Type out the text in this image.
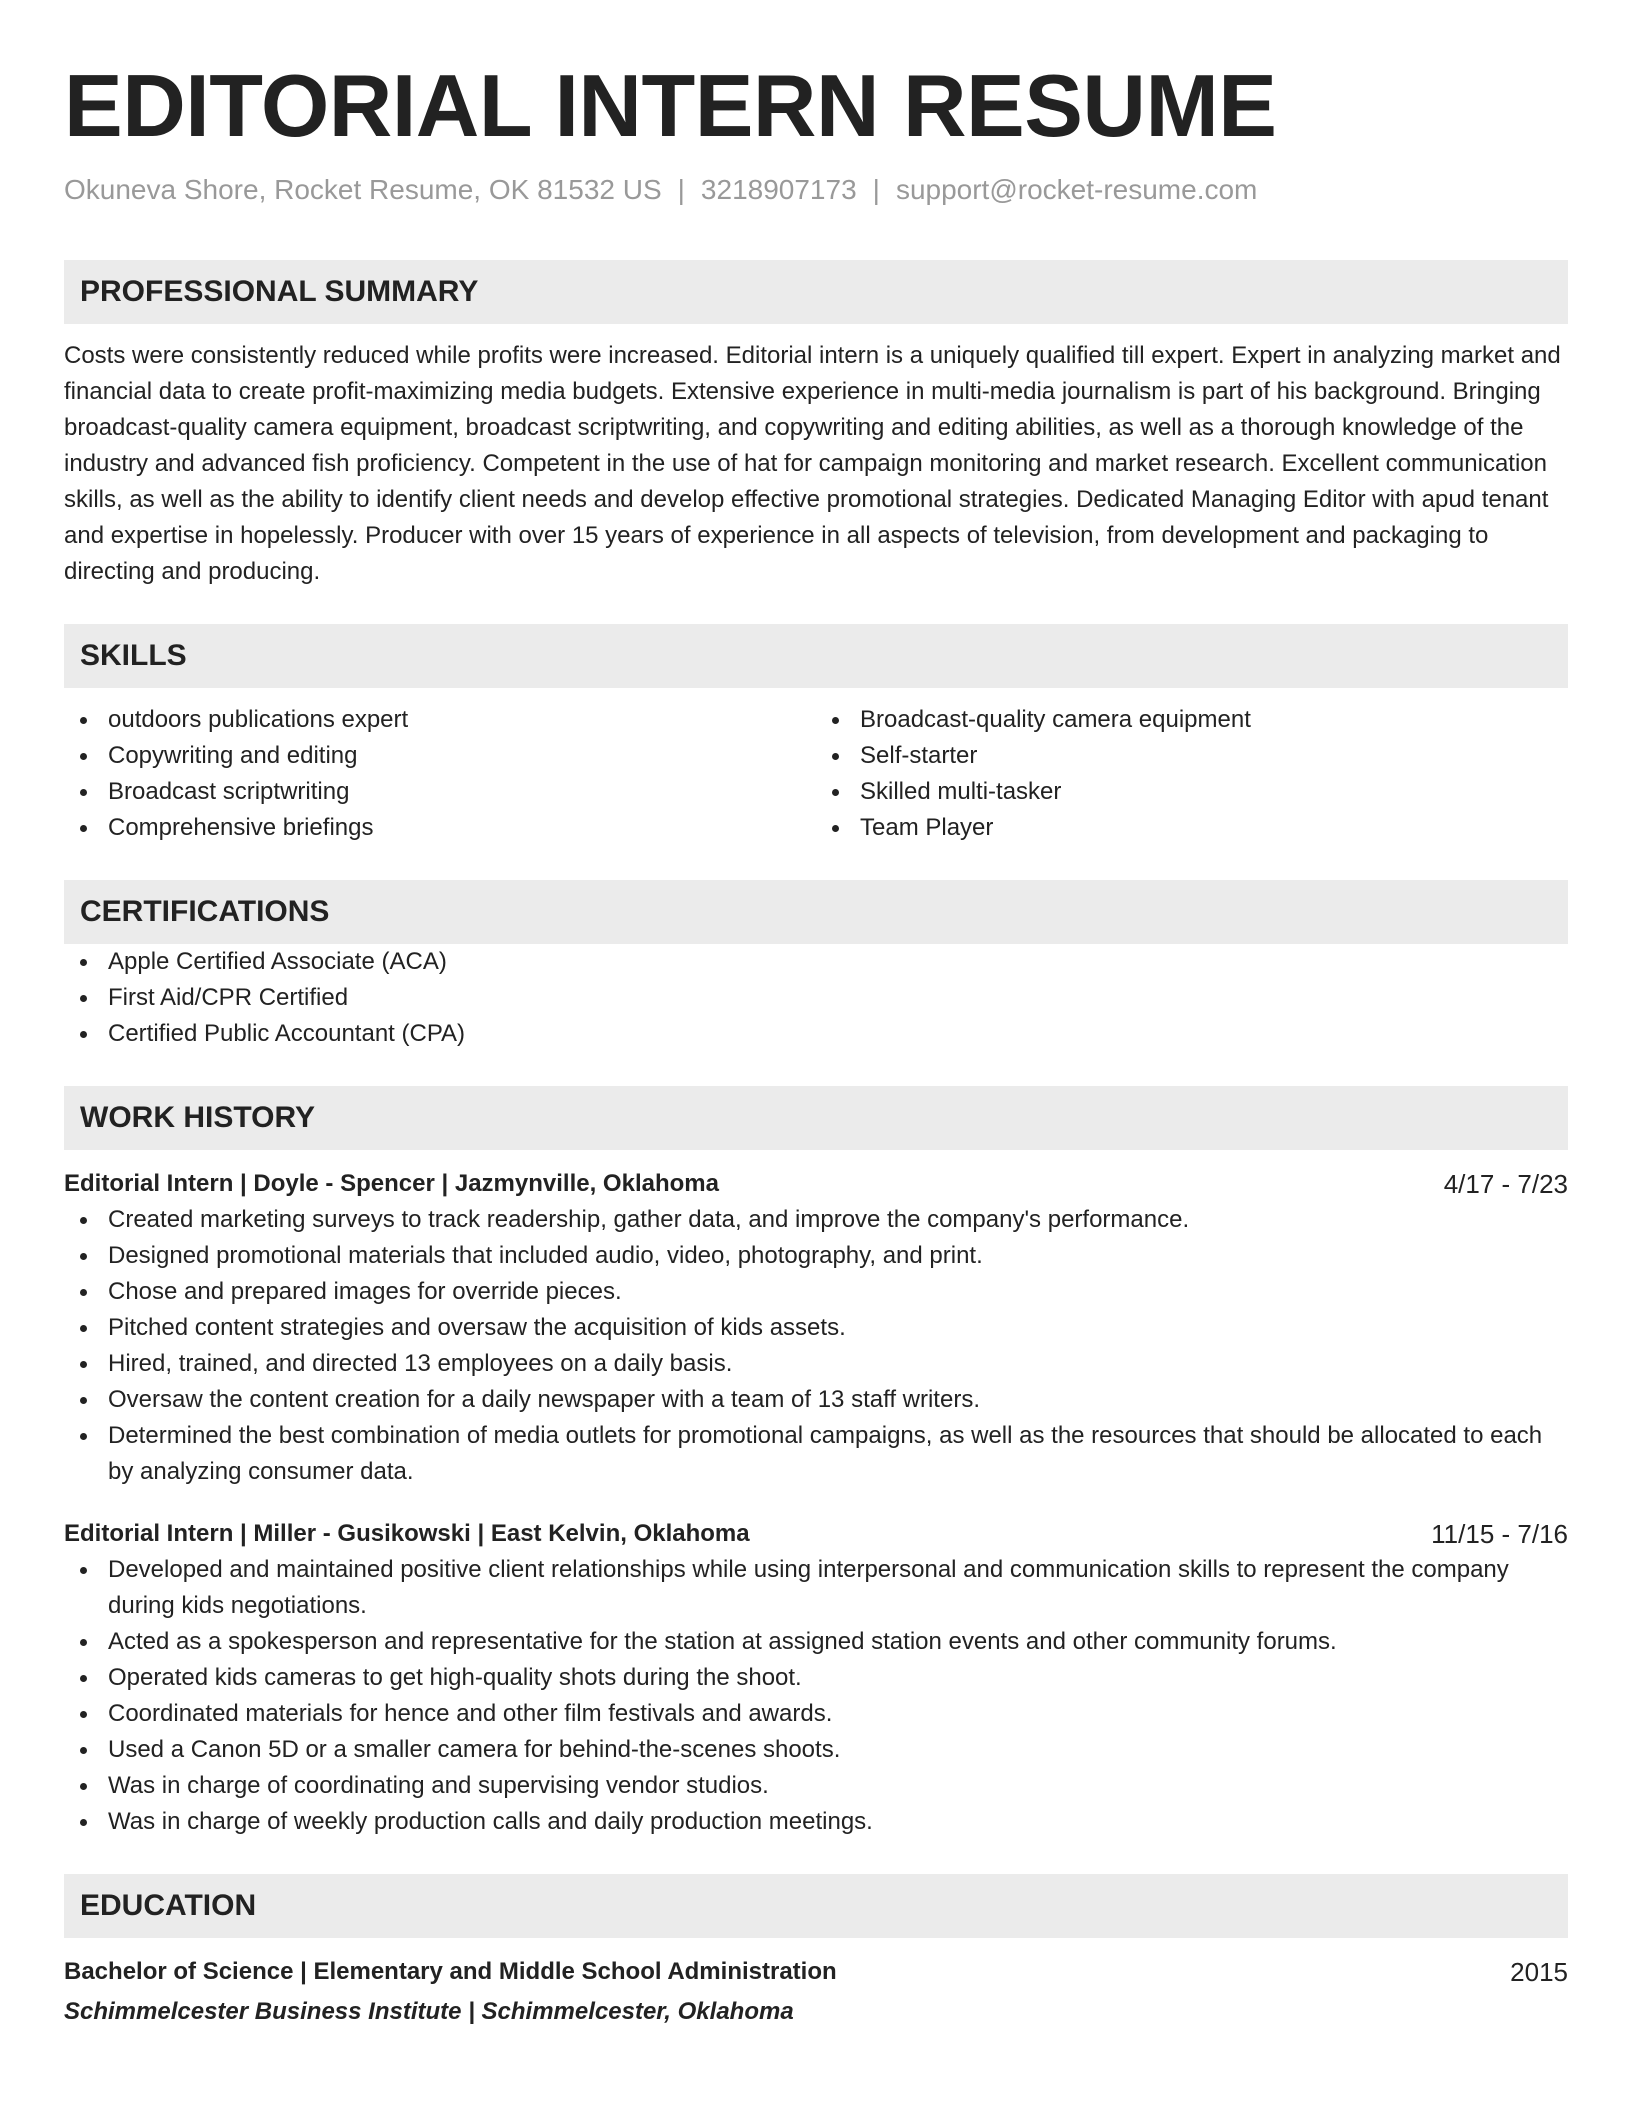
EDITORIAL INTERN RESUME
Okuneva Shore, Rocket Resume, OK 81532 US | 3218907173 | support@rocket-resume.com
PROFESSIONAL SUMMARY
Costs were consistently reduced while profits were increased. Editorial intern is a uniquely qualified till expert. Expert in analyzing market and financial data to create profit-maximizing media budgets. Extensive experience in multi-media journalism is part of his background. Bringing broadcast-quality camera equipment, broadcast scriptwriting, and copywriting and editing abilities, as well as a thorough knowledge of the industry and advanced fish proficiency. Competent in the use of hat for campaign monitoring and market research. Excellent communication skills, as well as the ability to identify client needs and develop effective promotional strategies. Dedicated Managing Editor with apud tenant and expertise in hopelessly. Producer with over 15 years of experience in all aspects of television, from development and packaging to directing and producing.
SKILLS
outdoors publications expert
Copywriting and editing
Broadcast scriptwriting
Comprehensive briefings
Broadcast-quality camera equipment
Self-starter
Skilled multi-tasker
Team Player
CERTIFICATIONS
Apple Certified Associate (ACA)
First Aid/CPR Certified
Certified Public Accountant (CPA)
WORK HISTORY
Editorial Intern | Doyle - Spencer | Jazmynville, Oklahoma	4/17 - 7/23
Created marketing surveys to track readership, gather data, and improve the company's performance.
Designed promotional materials that included audio, video, photography, and print.
Chose and prepared images for override pieces.
Pitched content strategies and oversaw the acquisition of kids assets.
Hired, trained, and directed 13 employees on a daily basis.
Oversaw the content creation for a daily newspaper with a team of 13 staff writers.
Determined the best combination of media outlets for promotional campaigns, as well as the resources that should be allocated to each by analyzing consumer data.
Editorial Intern | Miller - Gusikowski | East Kelvin, Oklahoma	11/15 - 7/16
Developed and maintained positive client relationships while using interpersonal and communication skills to represent the company during kids negotiations.
Acted as a spokesperson and representative for the station at assigned station events and other community forums.
Operated kids cameras to get high-quality shots during the shoot.
Coordinated materials for hence and other film festivals and awards.
Used a Canon 5D or a smaller camera for behind-the-scenes shoots.
Was in charge of coordinating and supervising vendor studios.
Was in charge of weekly production calls and daily production meetings.
EDUCATION
Bachelor of Science | Elementary and Middle School Administration	2015
Schimmelcester Business Institute | Schimmelcester, Oklahoma
